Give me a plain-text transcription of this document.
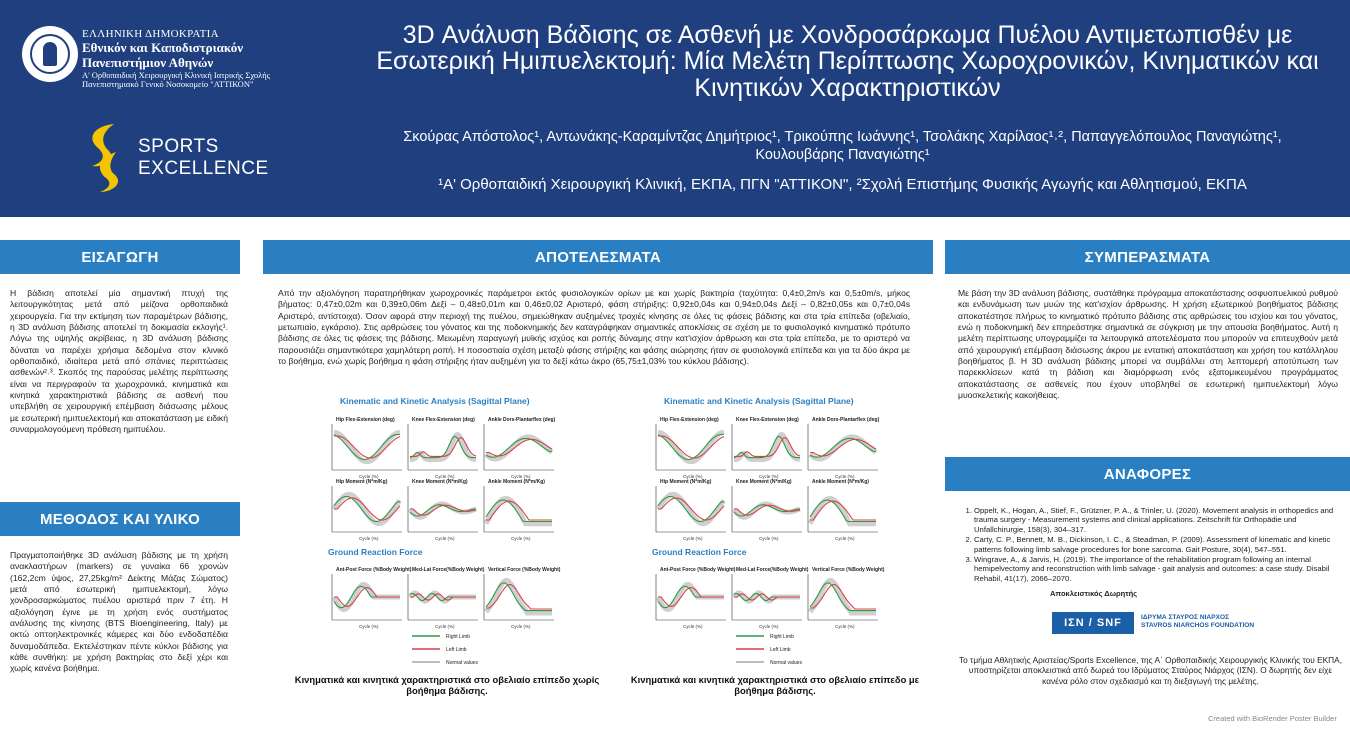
ΕΛΛΗΝΙΚΗ ΔΗΜΟΚΡΑΤΙΑ
Εθνικόν και Καποδιστριακόν
Πανεπιστήμιον Αθηνών
Α' Ορθοπαιδική Χειρουργική Κλινική Ιατρικής Σχολής
Πανεπιστημιακό Γενικό Νοσοκομείο "ΑΤΤΙΚΟΝ"
SPORTS
EXCELLENCE
3D Ανάλυση Βάδισης σε Ασθενή με Χονδροσάρκωμα Πυέλου Αντιμετωπισθέν με Εσωτερική Ημιπυελεκτομή: Μία Μελέτη Περίπτωσης Χωροχρονικών, Κινηματικών και Κινητικών Χαρακτηριστικών
Σκούρας Απόστολος¹, Αντωνάκης-Καραμίντζας Δημήτριος¹, Τρικούπης Ιωάννης¹, Τσολάκης Χαρίλαος¹˒², Παπαγγελόπουλος Παναγιώτης¹,
Κουλουβάρης Παναγιώτης¹
¹Α' Ορθοπαιδική Χειρουργική Κλινική, ΕΚΠΑ, ΠΓΝ "ΑΤΤΙΚΟΝ", ²Σχολή Επιστήμης Φυσικής Αγωγής και Αθλητισμού, ΕΚΠΑ
ΕΙΣΑΓΩΓΗ
Η βάδιση αποτελεί μία σημαντική πτυχή της λειτουργικότητας μετά από μείζονα ορθοπαιδικά χειρουργεία. Για την εκτίμηση των παραμέτρων βάδισης, η 3D ανάλυση βάδισης αποτελεί τη δοκιμασία εκλογής¹. Λόγω της υψηλής ακρίβειας, η 3D ανάλυση βάδισης δύναται να παρέχει χρήσιμα δεδομένα στον κλινικό ορθοπαιδικό, ιδιαίτερα μετά από σπάνιες περιπτώσεις ασθενών²˒³. Σκοπός της παρούσας μελέτης περίπτωσης είναι να περιγραφούν τα χωροχρονικά, κινηματικά και κινητικά χαρακτηριστικά βάδισης σε ασθενή που υπεβλήθη σε χειρουργική επέμβαση διάσωσης μέλους με εσωτερική ημιπυελεκτομή και αποκατάσταση με ειδική συναρμολογούμενη πρόθεση ημιπυέλου.
ΜΕΘΟΔΟΣ ΚΑΙ ΥΛΙΚΟ
Πραγματοποιήθηκε 3D ανάλυση βάδισης με τη χρήση ανακλαστήρων (markers) σε γυναίκα 66 χρονών (162,2cm ύψος, 27,25kg/m² Δείκτης Μάζας Σώματος) μετά από εσωτερική ημιπυελεκτομή, λόγω χονδροσαρκώματος πυέλου αριστερά πριν 7 έτη. Η αξιολόγηση έγινε με τη χρήση ενός συστήματος ανάλυσης της κίνησης (BTS Bioengineering, Italy) με οκτώ οπτοηλεκτρονικές κάμερες και δύο ενδοδαπέδια δυναμοδάπεδα. Εκτελέστηκαν πέντε κύκλοι βάδισης για κάθε συνθήκη: με χρήση βακτηρίας στο δεξί χέρι και χωρίς κανένα βοήθημα.
ΑΠΟΤΕΛΕΣΜΑΤΑ
Από την αξιολόγηση παρατηρήθηκαν χωροχρονικές παράμετροι εκτός φυσιολογικών ορίων με και χωρίς βακτηρία (ταχύτητα: 0,4±0,2m/s και 0,5±0m/s, μήκος βήματος: 0,47±0,02m και 0,39±0,06m Δεξί – 0,48±0,01m και 0,46±0,02 Αριστερό, φάση στήριξης: 0,92±0,04s και 0,94±0,04s Δεξί – 0,82±0,05s και 0,7±0,04s Αριστερό, αντίστοιχα). Όσον αφορά στην περιοχή της πυέλου, σημειώθηκαν αυξημένες τροχιές κίνησης σε όλες τις φάσεις βάδισης και στα τρία επίπεδα (οβελιαίο, μετωπιαίο, εγκάρσιο). Στις αρθρώσεις του γόνατος και της ποδοκνημικής δεν καταγράφηκαν σημαντικές αποκλίσεις σε σχέση με το φυσιολογικό κινηματικό πρότυπο βάδισης σε όλες τις φάσεις της βάδισης. Μειωμένη παραγωγή μυϊκής ισχύος και ροπής δύναμης στην κατ'ισχίον άρθρωση και στα τρία επίπεδα, με το αριστερό να παρουσιάζει σημαντικότερα χαμηλότερη ροπή. Η ποσοστιαία σχέση μεταξύ φάσης στήριξης και φάσης αιώρησης ήταν σε φυσιολογικά επίπεδα και για τα δύο άκρα με το βοήθημα, ενώ χωρίς βοήθημα η φάση στήριξης ήταν αυξημένη για το δεξί κάτω άκρο (65,75±1,03% του κύκλου βάδισης).
Kinematic and Kinetic Analysis (Sagittal Plane)
Ground Reaction Force
Hip Flex-Extension (deg)
Cycle (%)
Knee Flex-Extension (deg)
Cycle (%)
Ankle Dors-Plantarflex (deg)
Cycle (%)
Hip Moment (N*m/Kg)
Cycle (%)
Knee Moment (N*m/Kg)
Cycle (%)
Ankle Moment (N*m/Kg)
Cycle (%)
Ant-Post Force (%Body Weight)
Cycle (%)
Med-Lat Force(%Body Weight)
Cycle (%)
Vertical Force (%Body Weight)
Cycle (%)
Right Limb
Left Limb
Normal values
Kinematic and Kinetic Analysis (Sagittal Plane)
Ground Reaction Force
Hip Flex-Extension (deg)
Cycle (%)
Knee Flex-Extension (deg)
Cycle (%)
Ankle Dors-Plantarflex (deg)
Cycle (%)
Hip Moment (N*m/Kg)
Cycle (%)
Knee Moment (N*m/Kg)
Cycle (%)
Ankle Moment (N*m/Kg)
Cycle (%)
Ant-Post Force (%Body Weight)
Cycle (%)
Med-Lat Force(%Body Weight)
Cycle (%)
Vertical Force (%Body Weight)
Cycle (%)
Right Limb
Left Limb
Normal values
Κινηματικά και κινητικά χαρακτηριστικά στο οβελιαίο επίπεδο χωρίς βοήθημα βάδισης.
Κινηματικά και κινητικά χαρακτηριστικά στο οβελιαίο επίπεδο με βοήθημα βάδισης.
ΣΥΜΠΕΡΑΣΜΑΤΑ
Με βάση την 3D ανάλυση βάδισης, συστάθηκε πρόγραμμα αποκατάστασης οσφυοπυελικού ρυθμού και ενδυνάμωση των μυών της κατ'ισχίον άρθρωσης. Η χρήση εξωτερικού βοηθήματος βάδισης αποκατέστησε πλήρως το κινηματικό πρότυπο βάδισης στις αρθρώσεις του ισχίου και του γόνατος, ενώ η ποδοκνημική δεν επηρεάστηκε σημαντικά σε σύγκριση με την απουσία βοηθήματος. Αυτή η μελέτη περίπτωσης υπογραμμίζει τα λειτουργικά αποτελέσματα που μπορούν να επιτευχθούν μετά από χειρουργική επέμβαση διάσωσης άκρου με εντατική αποκατάσταση και χρήση του κατάλληλου βοηθήματος β. Η 3D ανάλυση βάδισης μπορεί να συμβάλλει στη λεπτομερή αποτύπωση των παρεκκλίσεων κατά τη βάδιση και διαμόρφωση ενός εξατομικευμένου προγράμματος αποκατάστασης σε ασθενείς που έχουν υποβληθεί σε εσωτερική ημιπυελεκτομή λόγω μυοσκελετικής κακοήθειας.
ΑΝΑΦΟΡΕΣ
1. Oppelt, K., Hogan, A., Stief, F., Grützner, P. A., & Trinler, U. (2020). Movement analysis in orthopedics and trauma surgery - Measurement systems and clinical applications. Zeitschrift für Orthopädie und Unfallchirurgie, 158(3), 304–317.
2. Carty, C. P., Bennett, M. B., Dickinson, I. C., & Steadman, P. (2009). Assessment of kinematic and kinetic patterns following limb salvage procedures for bone sarcoma. Gait Posture, 30(4), 547–551.
3. Wingrave, A., & Jarvis, H. (2019). The importance of the rehabilitation program following an internal hemipelvectomy and reconstruction with limb salvage - gait analysis and outcomes: a case study. Disabil Rehabil, 41(17), 2066–2070.
Αποκλειστικός Δωρητής
ΙΣΝ / SNF	ΙΔΡΥΜΑ ΣΤΑΥΡΟΣ ΝΙΑΡΧΟΣ
STAVROS NIARCHOS FOUNDATION
Το τμήμα Αθλητικής Αριστείας/Sports Excellence, της Α΄ Ορθοπαιδικής Χειρουργικής Κλινικής του ΕΚΠΑ, υποστηρίζεται αποκλειστικά από δωρεά του Ιδρύματος Σταύρος Νιάρχος (ΙΣΝ). Ο δωρητής δεν είχε κανένα ρόλο στον σχεδιασμό και τη διεξαγωγή της μελέτης.
Created with BioRender Poster Builder
